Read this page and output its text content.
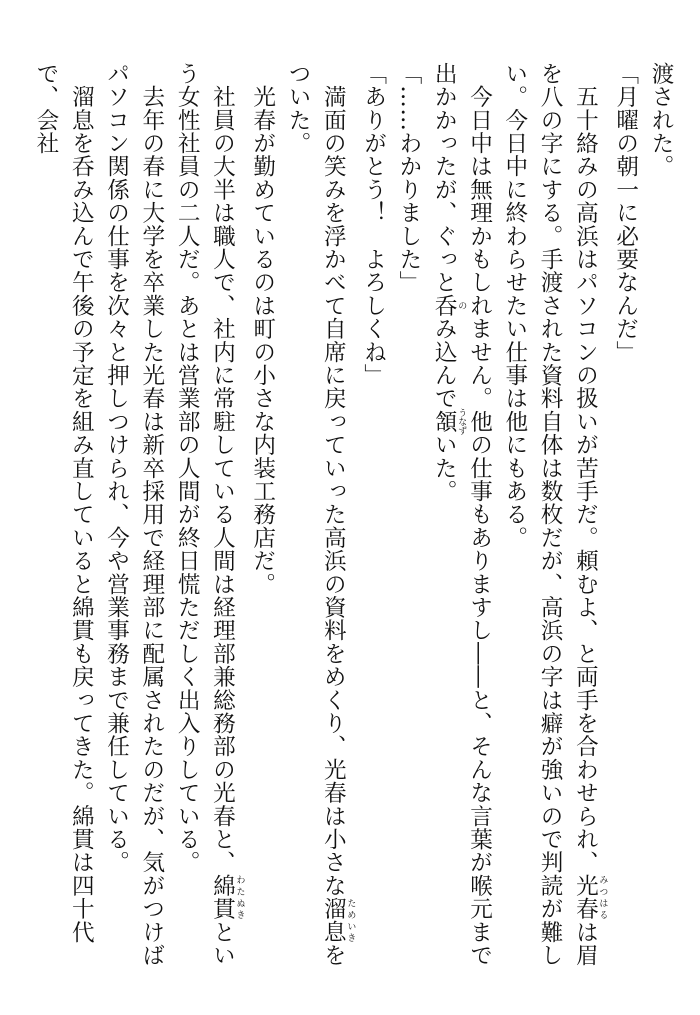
渡された。

「月曜の朝一に必要なんだ」

　五十絡みの高浜はパソコンの扱いが苦手だ。頼むよ、と両手を合わせられ、光春 みつはるは眉を八の字にする。手渡された資料自体は数枚だが、高浜の字は癖が強いので判読が難しい。今日中に終わらせたい仕事は他にもある。

　今日中は無理かもしれません。他の仕事もありますし――と、そんな言葉が喉元まで出かかったが、ぐっと呑 のみ込んで頷 うなずいた。

「……わかりました」

「ありがとう！　よろしくね」

　満面の笑みを浮かべて自席に戻っていった高浜の資料をめくり、光春は小さな溜息 ためいきをついた。

　光春が勤めているのは町の小さな内装工務店だ。

　社員の大半は職人で、社内に常駐している人間は経理部兼総務部の光春と、綿貫 わたぬきという女性社員の二人だ。あとは営業部の人間が終日慌ただしく出入りしている。

　去年の春に大学を卒業した光春は新卒採用で経理部に配属されたのだが、気がつけばパソコン関係の仕事を次々と押しつけられ、今や営業事務まで兼任している。

　溜息を呑み込んで午後の予定を組み直していると綿貫も戻ってきた。綿貫は四十代で、会社
